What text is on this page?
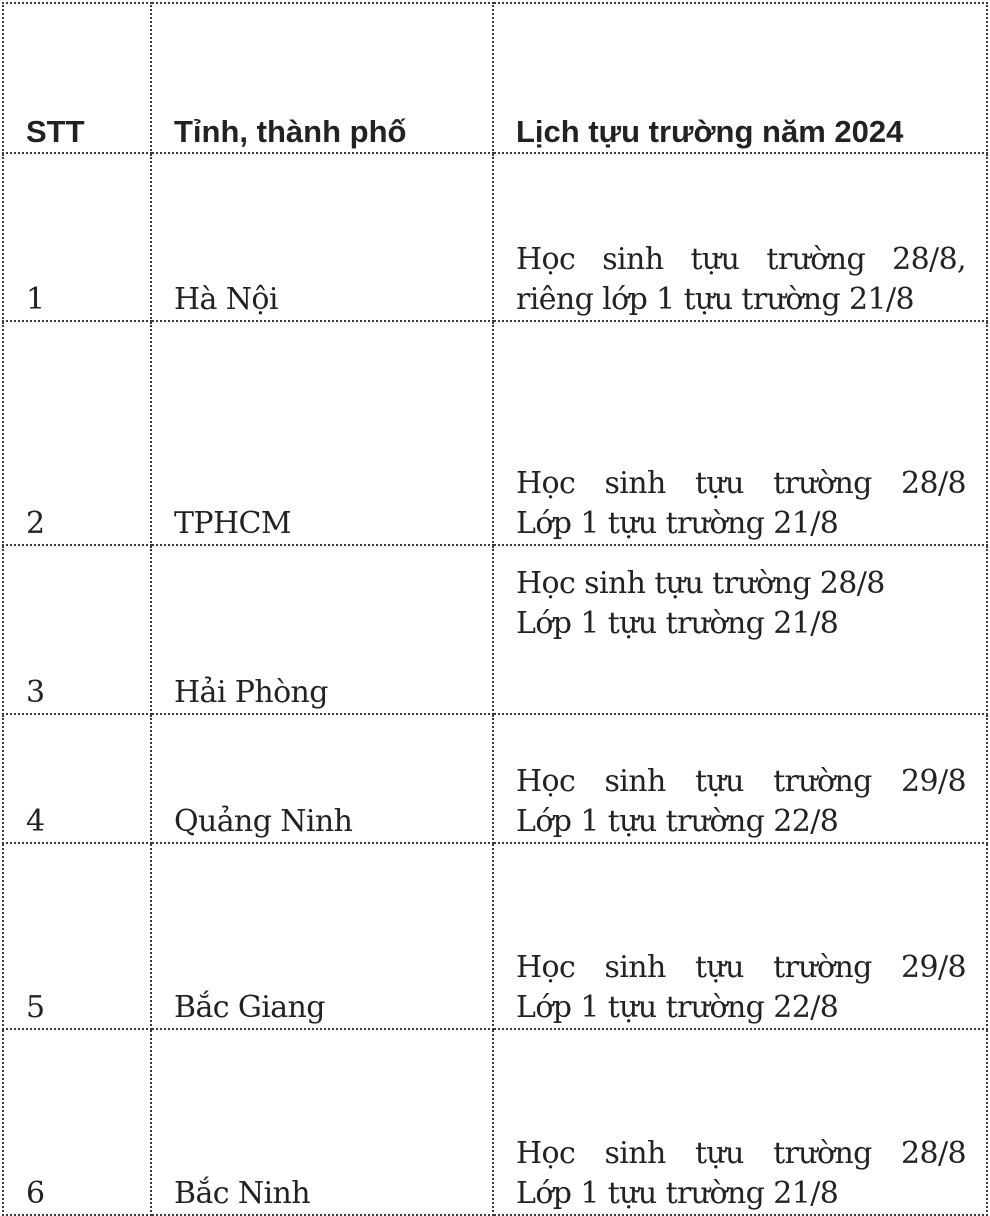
STT	Tỉnh, thành phố	Lịch tựu trường năm 2024
1	Hà Nội	Học sinh tựu trường 28/8,
riêng lớp 1 tựu trường 21/8

2	TPHCM	Học sinh tựu trường 28/8
Lớp 1 tựu trường 21/8

3	Hải Phòng	Học sinh tựu trường 28/8
Lớp 1 tựu trường 21/8

4	Quảng Ninh	Học sinh tựu trường 29/8
Lớp 1 tựu trường 22/8

5	Bắc Giang	Học sinh tựu trường 29/8
Lớp 1 tựu trường 22/8

6	Bắc Ninh	Học sinh tựu trường 28/8
Lớp 1 tựu trường 21/8
